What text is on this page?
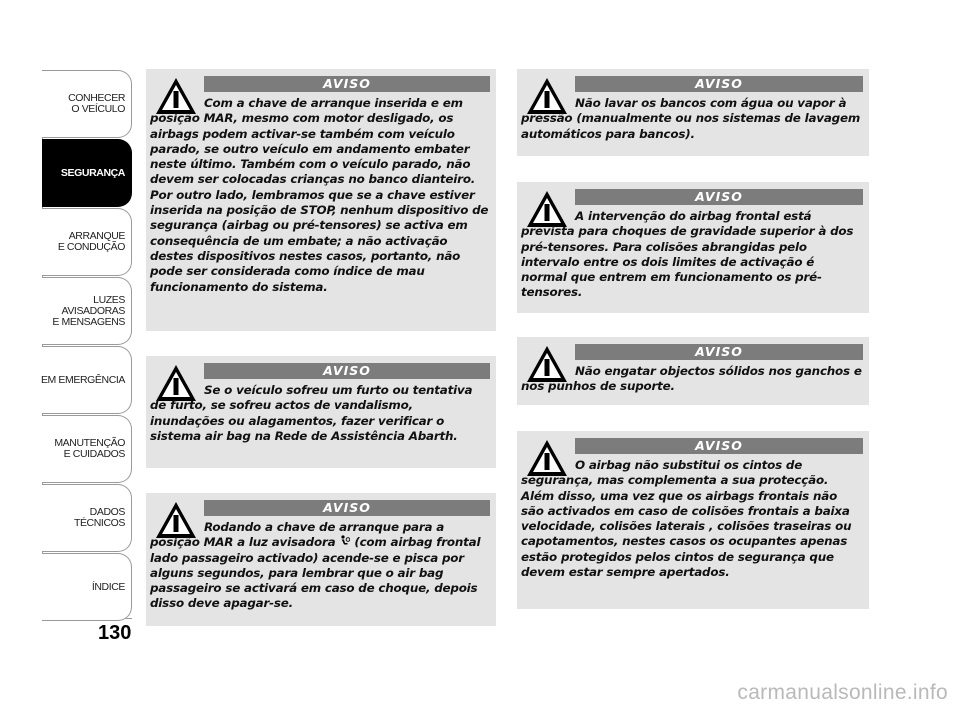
CONHECER
O VEÍCULO
SEGURANÇA
ARRANQUE
E CONDUÇÃO
LUZES
AVISADORAS
E MENSAGENS
EM EMERGÊNCIA
MANUTENÇÃO
E CUIDADOS
DADOS
TÉCNICOS
ÍNDICE
130
AVISO

Com a chave de arranque inserida e em posição MAR, mesmo com motor desligado, os airbags podem activar-se também com veículo parado, se outro veículo em andamento embater neste último. Também com o veículo parado, não devem ser colocadas crianças no banco dianteiro. Por outro lado, lembramos que se a chave estiver inserida na posição de STOP, nenhum dispositivo de segurança (airbag ou pré-tensores) se activa em consequência de um embate; a não activação destes dispositivos nestes casos, portanto, não pode ser considerada como índice de mau funcionamento do sistema.

AVISO

Se o veículo sofreu um furto ou tentativa de furto, se sofreu actos de vandalismo, inundações ou alagamentos, fazer verificar o sistema air bag na Rede de Assistência Abarth.

AVISO

Rodando a chave de arranque para a posição MAR a luz avisadora (com airbag frontal lado passageiro activado) acende-se e pisca por alguns segundos, para lembrar que o air bag passageiro se activará em caso de choque, depois disso deve apagar-se.

AVISO

Não lavar os bancos com água ou vapor à pressão (manualmente ou nos sistemas de lavagem automáticos para bancos).

AVISO

A intervenção do airbag frontal está prevista para choques de gravidade superior à dos pré-tensores. Para colisões abrangidas pelo intervalo entre os dois limites de activação é normal que entrem em funcionamento os pré-tensores.

AVISO

Não engatar objectos sólidos nos ganchos e nos punhos de suporte.

AVISO

O airbag não substitui os cintos de segurança, mas complementa a sua protecção. Além disso, uma vez que os airbags frontais não são activados em caso de colisões frontais a baixa velocidade, colisões laterais , colisões traseiras ou capotamentos, nestes casos os ocupantes apenas estão protegidos pelos cintos de segurança que devem estar sempre apertados.

carmanualsonline.info
